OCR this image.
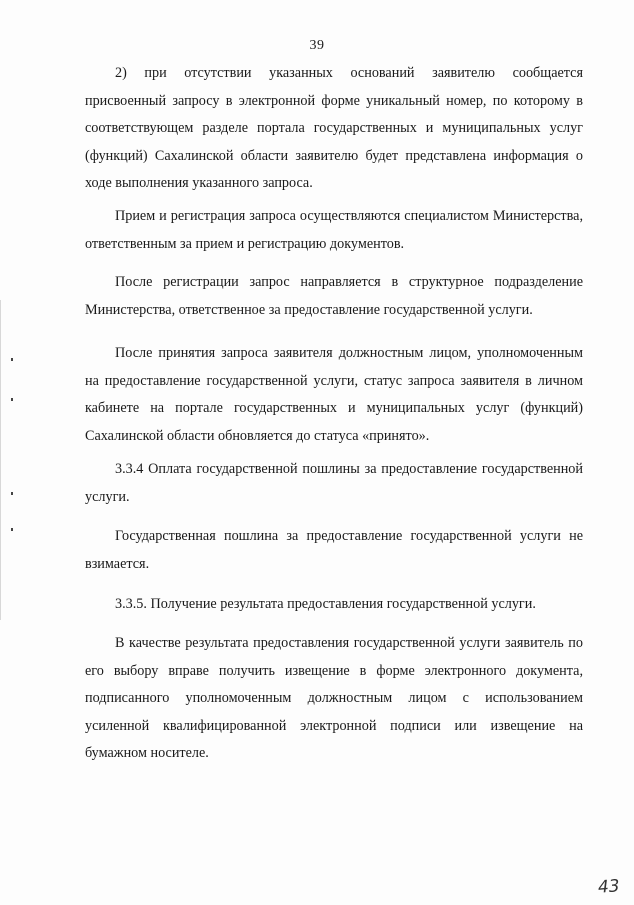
39

2) при отсутствии указанных оснований заявителю сообщается присвоенный запросу в электронной форме уникальный номер, по которому в соответствующем разделе портала государственных и муниципальных услуг (функций) Сахалинской области заявителю будет представлена информация о ходе выполнения указанного запроса.

Прием и регистрация запроса осуществляются специалистом Министерства, ответственным за прием и регистрацию документов.

После регистрации запрос направляется в структурное подразделение Министерства, ответственное за предоставление государственной услуги.

После принятия запроса заявителя должностным лицом, уполномоченным на предоставление государственной услуги, статус запроса заявителя в личном кабинете на портале государственных и муниципальных услуг (функций) Сахалинской области обновляется до статуса «принято».

3.3.4 Оплата государственной пошлины за предоставление государственной услуги.

Государственная пошлина за предоставление государственной услуги не взимается.

3.3.5. Получение результата предоставления государственной услуги.

В качестве результата предоставления государственной услуги заявитель по его выбору вправе получить извещение в форме электронного документа, подписанного уполномоченным должностным лицом с использованием усиленной квалифицированной электронной подписи или извещение на бумажном носителе.

43
